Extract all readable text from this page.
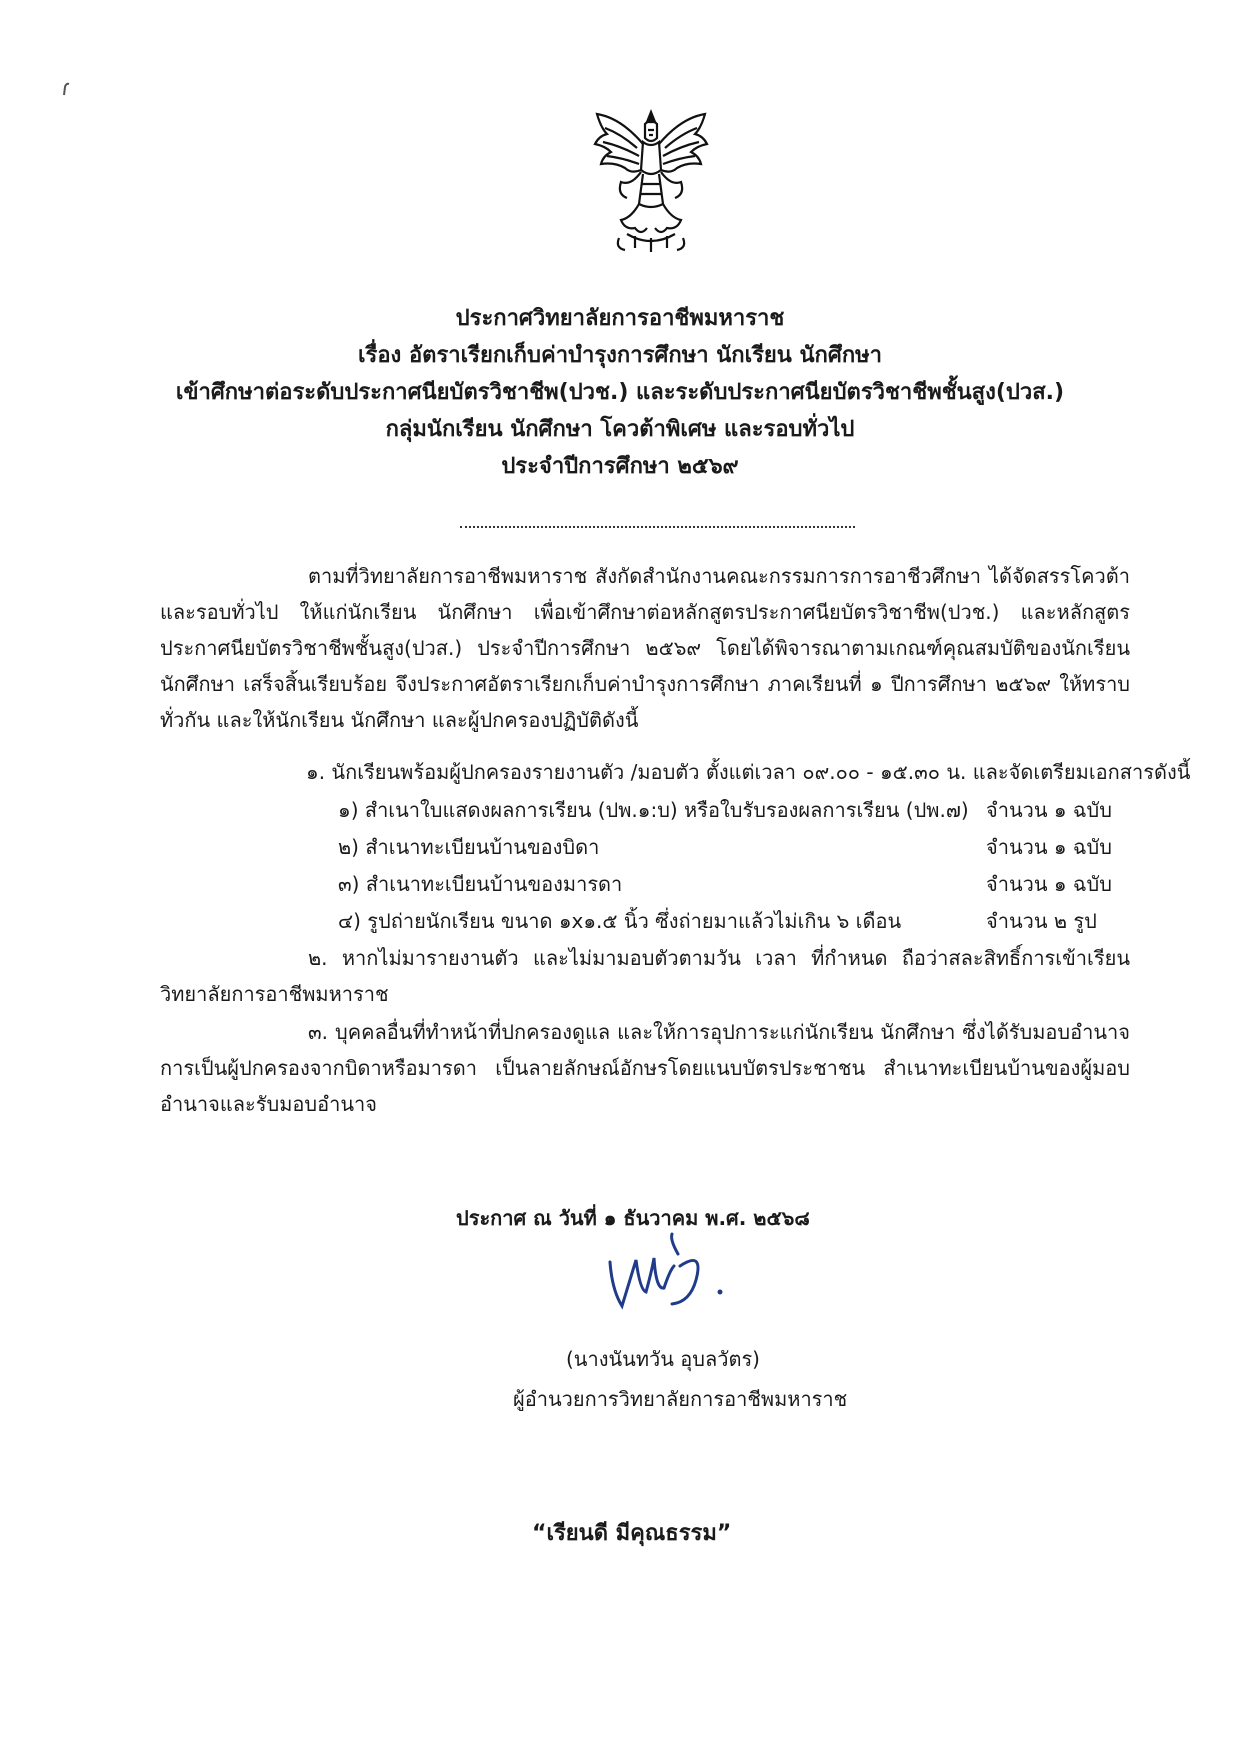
ประกาศวิทยาลัยการอาชีพมหาราช
เรื่อง อัตราเรียกเก็บค่าบำรุงการศึกษา นักเรียน นักศึกษา
เข้าศึกษาต่อระดับประกาศนียบัตรวิชาชีพ(ปวช.) และระดับประกาศนียบัตรวิชาชีพชั้นสูง(ปวส.)
กลุ่มนักเรียน นักศึกษา โควต้าพิเศษ และรอบทั่วไป
ประจำปีการศึกษา ๒๕๖๙
ตามที่วิทยาลัยการอาชีพมหาราช สังกัดสำนักงานคณะกรรมการการอาชีวศึกษา ได้จัดสรรโควต้าและรอบทั่วไป ให้แก่นักเรียน นักศึกษา เพื่อเข้าศึกษาต่อหลักสูตรประกาศนียบัตรวิชาชีพ(ปวช.) และหลักสูตรประกาศนียบัตรวิชาชีพชั้นสูง(ปวส.) ประจำปีการศึกษา ๒๕๖๙ โดยได้พิจารณาตามเกณฑ์คุณสมบัติของนักเรียนนักศึกษา เสร็จสิ้นเรียบร้อย จึงประกาศอัตราเรียกเก็บค่าบำรุงการศึกษา ภาคเรียนที่ ๑ ปีการศึกษา ๒๕๖๙ ให้ทราบทั่วกัน และให้นักเรียน นักศึกษา และผู้ปกครองปฏิบัติดังนี้
๑. นักเรียนพร้อมผู้ปกครองรายงานตัว /มอบตัว ตั้งแต่เวลา ๐๙.๐๐ - ๑๕.๓๐ น. และจัดเตรียมเอกสารดังนี้
๑) สำเนาใบแสดงผลการเรียน (ปพ.๑:บ) หรือใบรับรองผลการเรียน (ปพ.๗) จำนวน ๑ ฉบับ
๒) สำเนาทะเบียนบ้านของบิดา	จำนวน ๑ ฉบับ
๓) สำเนาทะเบียนบ้านของมารดา	จำนวน ๑ ฉบับ
๔) รูปถ่ายนักเรียน ขนาด ๑x๑.๕ นิ้ว ซึ่งถ่ายมาแล้วไม่เกิน ๖ เดือน	จำนวน ๒ รูป
๒. หากไม่มารายงานตัว และไม่มามอบตัวตามวัน เวลา ที่กำหนด ถือว่าสละสิทธิ์การเข้าเรียนวิทยาลัยการอาชีพมหาราช
๓. บุคคลอื่นที่ทำหน้าที่ปกครองดูแล และให้การอุปการะแก่นักเรียน นักศึกษา ซึ่งได้รับมอบอำนาจการเป็นผู้ปกครองจากบิดาหรือมารดา เป็นลายลักษณ์อักษรโดยแนบบัตรประชาชน สำเนาทะเบียนบ้านของผู้มอบอำนาจและรับมอบอำนาจ
ประกาศ ณ วันที่ ๑ ธันวาคม พ.ศ. ๒๕๖๘
(นางนันทวัน อุบลวัตร)
ผู้อำนวยการวิทยาลัยการอาชีพมหาราช
“เรียนดี มีคุณธรรม”
